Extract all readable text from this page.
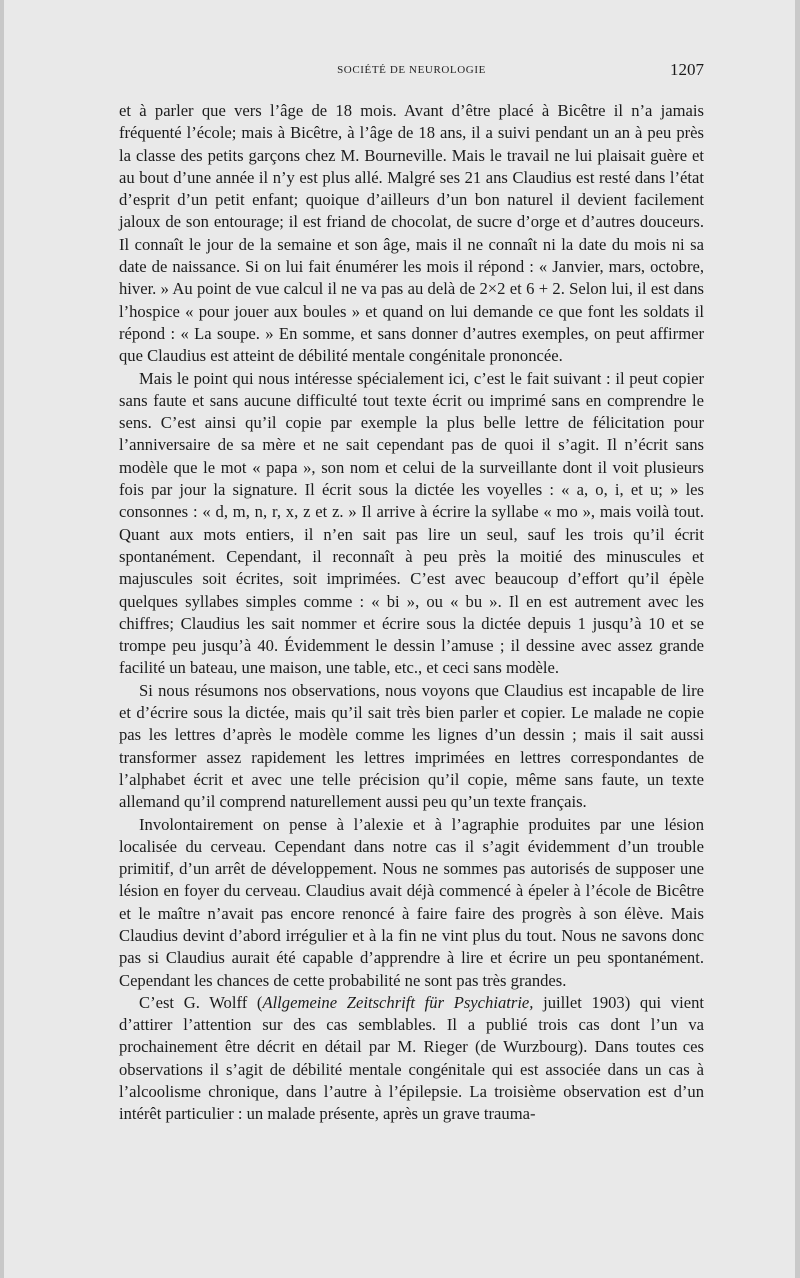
SOCIÉTÉ DE NEUROLOGIE	1207

et à parler que vers l’âge de 18 mois. Avant d’être placé à Bicêtre il n’a jamais fréquenté l’école; mais à Bicêtre, à l’âge de 18 ans, il a suivi pendant un an à peu près la classe des petits garçons chez M. Bourneville. Mais le travail ne lui plaisait guère et au bout d’une année il n’y est plus allé. Malgré ses 21 ans Claudius est resté dans l’état d’esprit d’un petit enfant; quoique d’ailleurs d’un bon naturel il devient facilement jaloux de son entourage; il est friand de chocolat, de sucre d’orge et d’autres douceurs. Il connaît le jour de la semaine et son âge, mais il ne connaît ni la date du mois ni sa date de naissance. Si on lui fait énumérer les mois il répond : « Janvier, mars, octobre, hiver. » Au point de vue calcul il ne va pas au delà de 2×2 et 6 + 2. Selon lui, il est dans l’hospice « pour jouer aux boules » et quand on lui demande ce que font les soldats il répond : « La soupe. » En somme, et sans donner d’autres exemples, on peut affirmer que Claudius est atteint de débilité mentale congénitale prononcée.

Mais le point qui nous intéresse spécialement ici, c’est le fait suivant : il peut copier sans faute et sans aucune difficulté tout texte écrit ou imprimé sans en comprendre le sens. C’est ainsi qu’il copie par exemple la plus belle lettre de félicitation pour l’anniversaire de sa mère et ne sait cependant pas de quoi il s’agit. Il n’écrit sans modèle que le mot « papa », son nom et celui de la surveillante dont il voit plusieurs fois par jour la signature. Il écrit sous la dictée les voyelles : « a, o, i, et u; » les consonnes : « d, m, n, r, x, z et z. » Il arrive à écrire la syllabe « mo », mais voilà tout. Quant aux mots entiers, il n’en sait pas lire un seul, sauf les trois qu’il écrit spontanément. Cependant, il reconnaît à peu près la moitié des minuscules et majuscules soit écrites, soit imprimées. C’est avec beaucoup d’effort qu’il épèle quelques syllabes simples comme : « bi », ou « bu ». Il en est autrement avec les chiffres; Claudius les sait nommer et écrire sous la dictée depuis 1 jusqu’à 10 et se trompe peu jusqu’à 40. Évidemment le dessin l’amuse ; il dessine avec assez grande facilité un bateau, une maison, une table, etc., et ceci sans modèle.

Si nous résumons nos observations, nous voyons que Claudius est incapable de lire et d’écrire sous la dictée, mais qu’il sait très bien parler et copier. Le malade ne copie pas les lettres d’après le modèle comme les lignes d’un dessin ; mais il sait aussi transformer assez rapidement les lettres imprimées en lettres correspondantes de l’alphabet écrit et avec une telle précision qu’il copie, même sans faute, un texte allemand qu’il comprend naturellement aussi peu qu’un texte français.

Involontairement on pense à l’alexie et à l’agraphie produites par une lésion localisée du cerveau. Cependant dans notre cas il s’agit évidemment d’un trouble primitif, d’un arrêt de développement. Nous ne sommes pas autorisés de supposer une lésion en foyer du cerveau. Claudius avait déjà commencé à épeler à l’école de Bicêtre et le maître n’avait pas encore renoncé à faire faire des progrès à son élève. Mais Claudius devint d’abord irrégulier et à la fin ne vint plus du tout. Nous ne savons donc pas si Claudius aurait été capable d’apprendre à lire et écrire un peu spontanément. Cependant les chances de cette probabilité ne sont pas très grandes.

C’est G. Wolff (Allgemeine Zeitschrift für Psychiatrie, juillet 1903) qui vient d’attirer l’attention sur des cas semblables. Il a publié trois cas dont l’un va prochainement être décrit en détail par M. Rieger (de Wurzbourg). Dans toutes ces observations il s’agit de débilité mentale congénitale qui est associée dans un cas à l’alcoolisme chronique, dans l’autre à l’épilepsie. La troisième observation est d’un intérêt particulier : un malade présente, après un grave trauma-
